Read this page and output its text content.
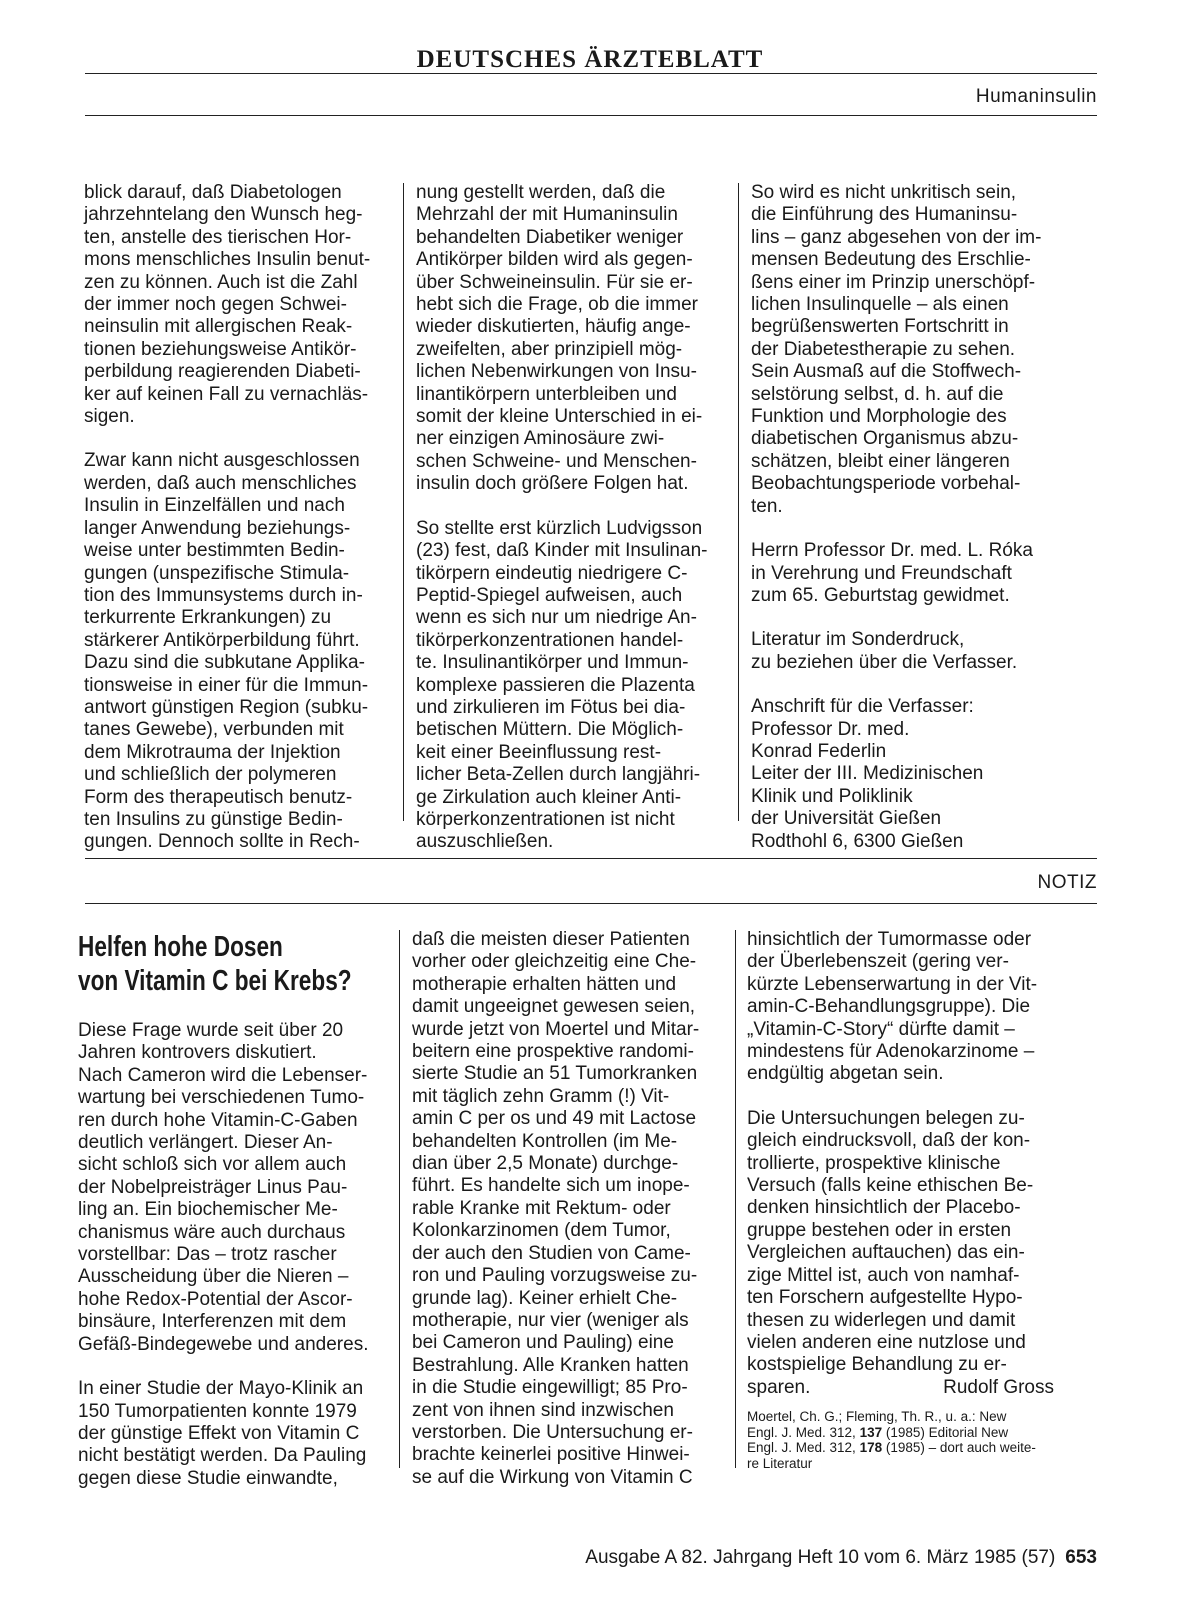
DEUTSCHES ÄRZTEBLATT
Humaninsulin

blick darauf, daß Diabetologen
jahrzehntelang den Wunsch heg-
ten, anstelle des tierischen Hor-
mons menschliches Insulin benut-
zen zu können. Auch ist die Zahl
der immer noch gegen Schwei-
neinsulin mit allergischen Reak-
tionen beziehungsweise Antikör-
perbildung reagierenden Diabeti-
ker auf keinen Fall zu vernachläs-
sigen.

Zwar kann nicht ausgeschlossen
werden, daß auch menschliches
Insulin in Einzelfällen und nach
langer Anwendung beziehungs-
weise unter bestimmten Bedin-
gungen (unspezifische Stimula-
tion des Immunsystems durch in-
terkurrente Erkrankungen) zu
stärkerer Antikörperbildung führt.
Dazu sind die subkutane Applika-
tionsweise in einer für die Immun-
antwort günstigen Region (subku-
tanes Gewebe), verbunden mit
dem Mikrotrauma der Injektion
und schließlich der polymeren
Form des therapeutisch benutz-
ten Insulins zu günstige Bedin-
gungen. Dennoch sollte in Rech-

nung gestellt werden, daß die
Mehrzahl der mit Humaninsulin
behandelten Diabetiker weniger
Antikörper bilden wird als gegen-
über Schweineinsulin. Für sie er-
hebt sich die Frage, ob die immer
wieder diskutierten, häufig ange-
zweifelten, aber prinzipiell mög-
lichen Nebenwirkungen von Insu-
linantikörpern unterbleiben und
somit der kleine Unterschied in ei-
ner einzigen Aminosäure zwi-
schen Schweine- und Menschen-
insulin doch größere Folgen hat.

So stellte erst kürzlich Ludvigsson
(23) fest, daß Kinder mit Insulinan-
tikörpern eindeutig niedrigere C-
Peptid-Spiegel aufweisen, auch
wenn es sich nur um niedrige An-
tikörperkonzentrationen handel-
te. Insulinantikörper und Immun-
komplexe passieren die Plazenta
und zirkulieren im Fötus bei dia-
betischen Müttern. Die Möglich-
keit einer Beeinflussung rest-
licher Beta-Zellen durch langjähri-
ge Zirkulation auch kleiner Anti-
körperkonzentrationen ist nicht
auszuschließen.

So wird es nicht unkritisch sein,
die Einführung des Humaninsu-
lins – ganz abgesehen von der im-
mensen Bedeutung des Erschlie-
ßens einer im Prinzip unerschöpf-
lichen Insulinquelle – als einen
begrüßenswerten Fortschritt in
der Diabetestherapie zu sehen.
Sein Ausmaß auf die Stoffwech-
selstörung selbst, d. h. auf die
Funktion und Morphologie des
diabetischen Organismus abzu-
schätzen, bleibt einer längeren
Beobachtungsperiode vorbehal-
ten.

Herrn Professor Dr. med. L. Róka
in Verehrung und Freundschaft
zum 65. Geburtstag gewidmet.

Literatur im Sonderdruck,
zu beziehen über die Verfasser.

Anschrift für die Verfasser:
Professor Dr. med.
Konrad Federlin
Leiter der III. Medizinischen
Klinik und Poliklinik
der Universität Gießen
Rodthohl 6, 6300 Gießen

NOTIZ
Helfen hohe Dosen
von Vitamin C bei Krebs?

Diese Frage wurde seit über 20
Jahren kontrovers diskutiert.
Nach Cameron wird die Lebenser-
wartung bei verschiedenen Tumo-
ren durch hohe Vitamin-C-Gaben
deutlich verlängert. Dieser An-
sicht schloß sich vor allem auch
der Nobelpreisträger Linus Pau-
ling an. Ein biochemischer Me-
chanismus wäre auch durchaus
vorstellbar: Das – trotz rascher
Ausscheidung über die Nieren –
hohe Redox-Potential der Ascor-
binsäure, Interferenzen mit dem
Gefäß-Bindegewebe und anderes.

In einer Studie der Mayo-Klinik an
150 Tumorpatienten konnte 1979
der günstige Effekt von Vitamin C
nicht bestätigt werden. Da Pauling
gegen diese Studie einwandte,

daß die meisten dieser Patienten
vorher oder gleichzeitig eine Che-
motherapie erhalten hätten und
damit ungeeignet gewesen seien,
wurde jetzt von Moertel und Mitar-
beitern eine prospektive randomi-
sierte Studie an 51 Tumorkranken
mit täglich zehn Gramm (!) Vit-
amin C per os und 49 mit Lactose
behandelten Kontrollen (im Me-
dian über 2,5 Monate) durchge-
führt. Es handelte sich um inope-
rable Kranke mit Rektum- oder
Kolonkarzinomen (dem Tumor,
der auch den Studien von Came-
ron und Pauling vorzugsweise zu-
grunde lag). Keiner erhielt Che-
motherapie, nur vier (weniger als
bei Cameron und Pauling) eine
Bestrahlung. Alle Kranken hatten
in die Studie eingewilligt; 85 Pro-
zent von ihnen sind inzwischen
verstorben. Die Untersuchung er-
brachte keinerlei positive Hinwei-
se auf die Wirkung von Vitamin C

hinsichtlich der Tumormasse oder
der Überlebenszeit (gering ver-
kürzte Lebenserwartung in der Vit-
amin-C-Behandlungsgruppe). Die
„Vitamin-C-Story“ dürfte damit –
mindestens für Adenokarzinome –
endgültig abgetan sein.

Die Untersuchungen belegen zu-
gleich eindrucksvoll, daß der kon-
trollierte, prospektive klinische
Versuch (falls keine ethischen Be-
denken hinsichtlich der Placebo-
gruppe bestehen oder in ersten
Vergleichen auftauchen) das ein-
zige Mittel ist, auch von namhaf-
ten Forschern aufgestellte Hypo-
thesen zu widerlegen und damit
vielen anderen eine nutzlose und
kostspielige Behandlung zu er-

sparen.	Rudolf Gross
Moertel, Ch. G.; Fleming, Th. R., u. a.: New
Engl. J. Med. 312, 137 (1985) Editorial New
Engl. J. Med. 312, 178 (1985) – dort auch weite-
re Literatur
Ausgabe A 82. Jahrgang Heft 10 vom 6. März 1985 (57) 653
